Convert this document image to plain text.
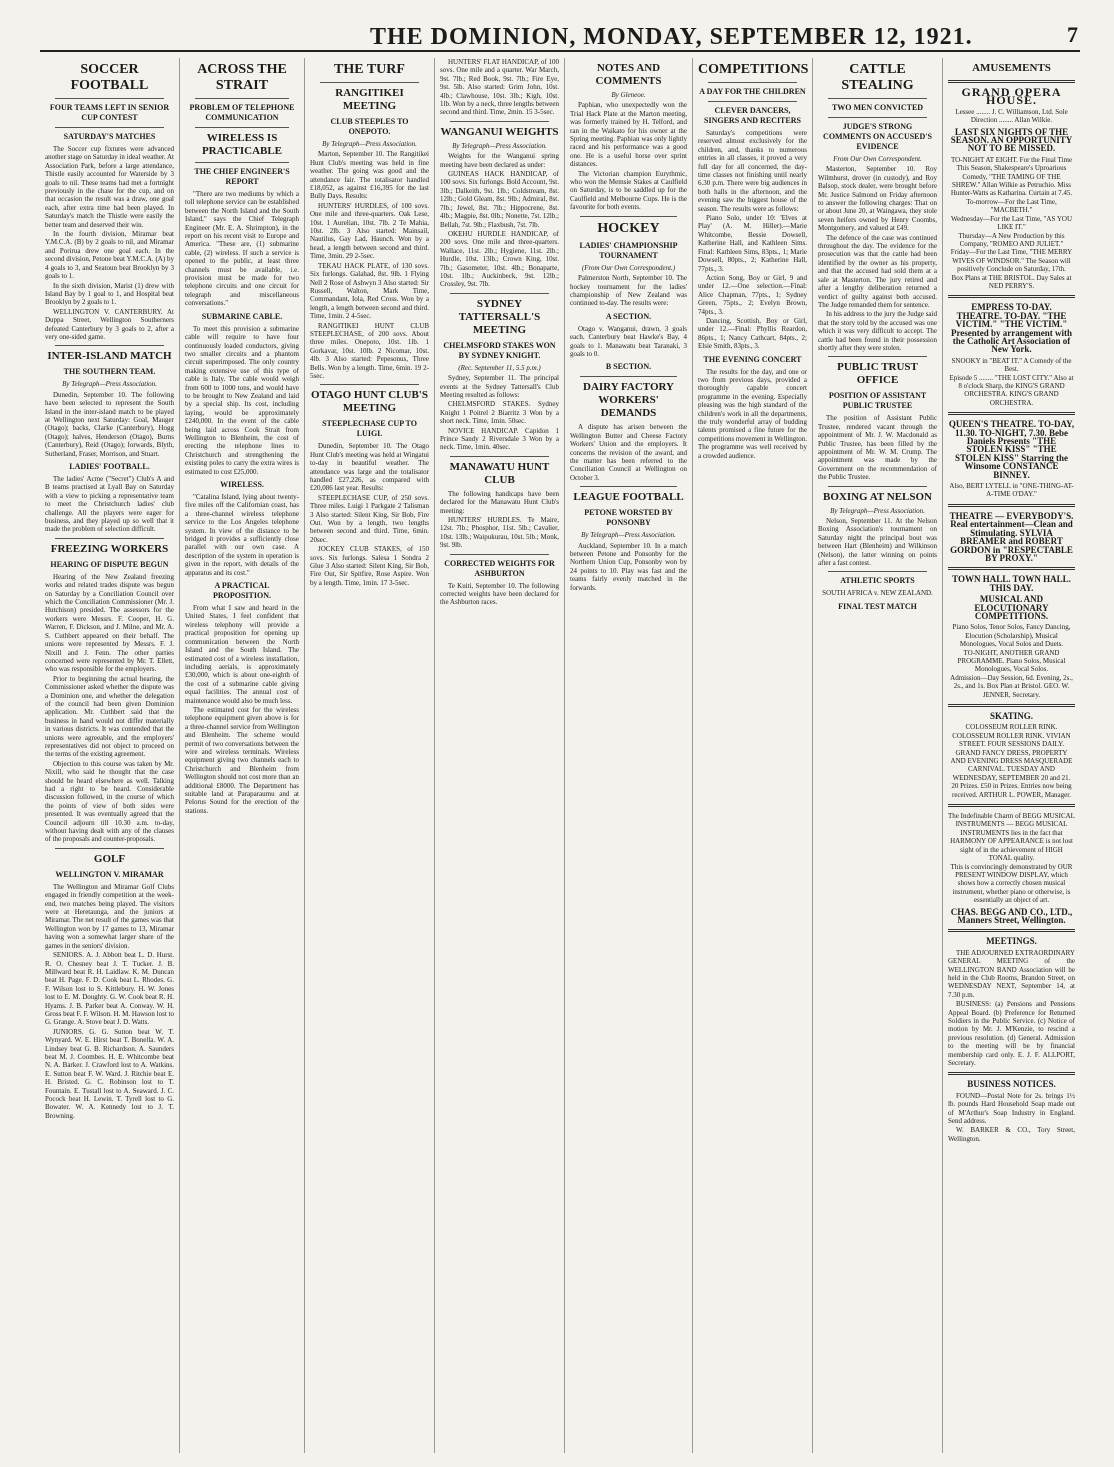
THE DOMINION, MONDAY, SEPTEMBER 12, 1921.	7
SOCCER FOOTBALL
FOUR TEAMS LEFT IN SENIOR CUP CONTEST
SATURDAY'S MATCHES
The Soccer cup fixtures were advanced another stage on Saturday in ideal weather. At Association Park, before a large attendance, Thistle easily accounted for Waterside by 3 goals to nil. These teams had met a fortnight previously in the chase for the cup, and on that occasion the result was a draw, one goal each, after extra time had been played. In Saturday's match the Thistle were easily the better team and deserved their win.
In the fourth division, Miramar beat Y.M.C.A. (B) by 2 goals to nil, and Miramar and Porirua drew one goal each. In the second division, Petone beat Y.M.C.A. (A) by 4 goals to 3, and Seatoun beat Brooklyn by 3 goals to 1.
In the sixth division, Marist (1) drew with Island Bay by 1 goal to 1, and Hospital beat Brooklyn by 2 goals to 1.
WELLINGTON V. CANTERBURY. At Duppa Street, Wellington Southerners defeated Canterbury by 3 goals to 2, after a very one-sided game.
INTER-ISLAND MATCH
THE SOUTHERN TEAM.
By Telegraph—Press Association.
Dunedin, September 10. The following have been selected to represent the South Island in the inter-island match to be played at Wellington next Saturday: Goal, Mauger (Otago); backs, Clarke (Canterbury), Hogg (Otago); halves, Henderson (Otago), Burns (Canterbury), Reid (Otago); forwards, Blyth, Sutherland, Fraser, Morrison, and Stuart.
LADIES' FOOTBALL.
The ladies' Acme ("Secret") Club's A and B teams practised at Lyall Bay on Saturday with a view to picking a representative team to meet the Christchurch ladies' club challenge. All the players were eager for business, and they played up so well that it made the problem of selection difficult.
FREEZING WORKERS
HEARING OF DISPUTE BEGUN
Hearing of the New Zealand freezing works and related trades dispute was begun on Saturday by a Conciliation Council over which the Conciliation Commissioner (Mr. J. Hutchison) presided. The assessors for the workers were Messrs. F. Cooper, H. G. Warren, F. Dickson, and J. Milne, and Mr. A. S. Cuthbert appeared on their behalf. The unions were represented by Messrs. F. J. Nixill and J. Fenn. The other parties concerned were represented by Mr. T. Ellett, who was responsible for the employers.
Prior to beginning the actual hearing, the Commissioner asked whether the dispute was a Dominion one, and whether the delegation of the council had been given Dominion application. Mr. Cuthbert said that the business in hand would not differ materially in various districts. It was contended that the unions were agreeable, and the employers' representatives did not object to proceed on the terms of the existing agreement.
Objection to this course was taken by Mr. Nixill, who said he thought that the case should be heard elsewhere as well. Talking had a right to be heard. Considerable discussion followed, in the course of which the points of view of both sides were presented. It was eventually agreed that the Council adjourn till 10.30 a.m. to-day, without having dealt with any of the clauses of the proposals and counter-proposals.
GOLF
WELLINGTON V. MIRAMAR
The Wellington and Miramar Golf Clubs engaged in friendly competition at the week-end, two matches being played. The visitors were at Heretaunga, and the juniors at Miramar. The net result of the games was that Wellington won by 17 games to 13, Miramar having won a somewhat larger share of the games in the seniors' division.
SENIORS. A. J. Abbott beat L. D. Hurst. R. O. Chesney beat J. T. Tucker. J. B. Millward beat R. H. Laidlaw. K. M. Duncan beat H. Page. F. D. Cook beat L. Rhodes. G. F. Wilson lost to S. Kittlebury. H. W. Jones lost to E. M. Doughty. G. W. Cook beat R. H. Hyams. J. B. Parker beat A. Conway. W. H. Gross beat F. F. Wilson. H. M. Hawson lost to G. Grange. A. Stove beat J. D. Watts.
JUNIORS. G. G. Sutton beat W. T. Wynyard. W. E. Hirst beat T. Bonella. W. A. Lindsey beat G. B. Richardson. A. Saunders beat M. J. Coombes. H. E. Whitcombe beat N. A. Barker. J. Crawford lost to A. Watkins. E. Sutton beat F. W. Ward. J. Ritchie beat E. H. Bristed. G. C. Robinson lost to T. Fountain. E. Tustall lost to A. Seaward. J. C. Pocock beat H. Lewin. T. Tyrell lost to G. Bowater. W. A. Kennedy lost to J. T. Browning.
ACROSS THE STRAIT
PROBLEM OF TELEPHONE COMMUNICATION
WIRELESS IS PRACTICABLE
THE CHIEF ENGINEER'S REPORT
"There are two mediums by which a toll telephone service can be established between the North Island and the South Island," says the Chief Telegraph Engineer (Mr. E. A. Shrimpton), in the report on his recent visit to Europe and America. "These are, (1) submarine cable, (2) wireless. If such a service is opened to the public, at least three channels must be available, i.e. provision must be made for two telephone circuits and one circuit for telegraph and miscellaneous conversations."
SUBMARINE CABLE.
To meet this provision a submarine cable will require to have four continuously loaded conductors, giving two smaller circuits and a phantom circuit superimposed. The only country making extensive use of this type of cable is Italy. The cable would weigh from 600 to 1000 tons, and would have to be brought to New Zealand and laid by a special ship. Its cost, including laying, would be approximately £240,000. In the event of the cable being laid across Cook Strait from Wellington to Blenheim, the cost of erecting the telephone lines to Christchurch and strengthening the existing poles to carry the extra wires is estimated to cost £25,000.
WIRELESS.
"Catalina Island, lying about twenty-five miles off the Californian coast, has a three-channel wireless telephone service to the Los Angeles telephone system. In view of the distance to be bridged it provides a sufficiently close parallel with our own case. A description of the system in operation is given in the report, with details of the apparatus and its cost."
A PRACTICAL PROPOSITION.
From what I saw and heard in the United States, I feel confident that wireless telephony will provide a practical proposition for opening up communication between the North Island and the South Island. The estimated cost of a wireless installation, including aerials, is approximately £30,000, which is about one-eighth of the cost of a submarine cable giving equal facilities. The annual cost of maintenance would also be much less.
The estimated cost for the wireless telephone equipment given above is for a three-channel service from Wellington and Blenheim. The scheme would permit of two conversations between the wire and wireless terminals. Wireless equipment giving two channels each to Christchurch and Blenheim from Wellington should not cost more than an additional £8000. The Department has suitable land at Paraparaumu and at Pelorus Sound for the erection of the stations.
THE TURF
RANGITIKEI MEETING
CLUB STEEPLES TO ONEPOTO.
By Telegraph—Press Association.
Marton, September 10. The Rangitikei Hunt Club's meeting was held in fine weather. The going was good and the attendance fair. The totalisator handled £18,052, as against £16,395 for the last Bully Days. Results:
HUNTERS' HURDLES, of 100 sovs. One mile and three-quarters. Oak Lese, 10st. 1 Aurelian, 10st. 7lb. 2 Te Mahia, 10st. 2lb. 3 Also started: Mainsail, Nautilus, Gay Lad, Haunch. Won by a head, a length between second and third. Time, 3min. 29 2-5sec.
TEKAU HACK PLATE, of 130 sovs. Six furlongs. Galahad, 8st. 9lb. 1 Flying Nell 2 Rose of Ashwyn 3 Also started: Sir Russell, Walton, Mark Time, Commandant, Iola, Red Cross. Won by a length, a length between second and third. Time, 1min. 2 4-5sec.
RANGITIKEI HUNT CLUB STEEPLECHASE, of 200 sovs. About three miles. Onepoto, 10st. 1lb. 1 Gorkavar, 10st. 10lb. 2 Nicomar, 10st. 4lb. 3 Also started: Pepesonus, Three Bells. Won by a length. Time, 6min. 19 2-5sec.
OTAGO HUNT CLUB'S MEETING
STEEPLECHASE CUP TO LUIGI.
Dunedin, September 10. The Otago Hunt Club's meeting was held at Wingatui to-day in beautiful weather. The attendance was large and the totalisator handled £27,226, as compared with £20,086 last year. Results:
STEEPLECHASE CUP, of 250 sovs. Three miles. Luigi 1 Parkgate 2 Talisman 3 Also started: Silent King, Sir Bob, Fire Out. Won by a length, two lengths between second and third. Time, 6min. 20sec.
JOCKEY CLUB STAKES, of 150 sovs. Six furlongs. Salesa 1 Sondra 2 Glue 3 Also started: Silent King, Sir Bob, Fire Out, Sir Spitfire, Rose Aspire. Won by a length. Time, 1min. 17 3-5sec.
HUNTERS' FLAT HANDICAP, of 100 sovs. One mile and a quarter. War March, 9st. 7lb.; Red Book, 9st. 7lb.; Fire Eye, 9st. 5lb. Also started: Grim John, 10st. 4lb.; Clawhouse, 10st. 3lb.; Kigh, 10st. 1lb. Won by a neck, three lengths between second and third. Time, 2min. 15 3-5sec.
WANGANUI WEIGHTS
By Telegraph—Press Association.
Weights for the Wanganui spring meeting have been declared as under:
GUINEAS HACK HANDICAP, of 100 sovs. Six furlongs. Bold Account, 9st. 3lb.; Dalkeith, 9st. 1lb.; Coldstream, 8st. 12lb.; Gold Gleam, 8st. 9lb.; Admiral, 8st. 7lb.; Jewel, 8st. 7lb.; Hippocrene, 8st. 4lb.; Magpie, 8st. 0lb.; Nonette, 7st. 12lb.; Bellah, 7st. 9lb.; Flaxbush, 7st. 7lb.
OKEHU HURDLE HANDICAP, of 200 sovs. One mile and three-quarters. Wallace, 11st. 2lb.; Hygiene, 11st. 2lb.; Hurdle, 10st. 13lb.; Crown King, 10st. 7lb.; Gasometer, 10st. 4lb.; Bonaparte, 10st. 1lb.; Auckinbeck, 9st. 12lb.; Crossley, 9st. 7lb.
SYDNEY TATTERSALL'S MEETING
CHELMSFORD STAKES WON BY SYDNEY KNIGHT.
(Rec. September 11, 5.5 p.m.)
Sydney, September 11. The principal events at the Sydney Tattersall's Club Meeting resulted as follows:
CHELMSFORD STAKES. Sydney Knight 1 Poitrel 2 Biarritz 3 Won by a short neck. Time, 1min. 50sec.
NOVICE HANDICAP. Capidon 1 Prince Sandy 2 Riversdale 3 Won by a neck. Time, 1min. 40sec.
MANAWATU HUNT CLUB
The following handicaps have been declared for the Manawatu Hunt Club's meeting:
HUNTERS' HURDLES. Te Maire, 12st. 7lb.; Phosphor, 11st. 5lb.; Cavalier, 10st. 13lb.; Waipukurau, 10st. 5lb.; Monk, 9st. 9lb.
CORRECTED WEIGHTS FOR ASHBURTON
Te Kuiti, September 10. The following corrected weights have been declared for the Ashburton races.
NOTES AND COMMENTS
By Gleneoe.
Paphian, who unexpectedly won the Trial Hack Plate at the Marton meeting, was formerly trained by H. Telford, and ran in the Waikato for his owner at the Spring meeting. Paphian was only lightly raced and his performance was a good one. He is a useful horse over sprint distances.
The Victorian champion Eurythmic, who won the Memsie Stakes at Caulfield on Saturday, is to be saddled up for the Caulfield and Melbourne Cups. He is the favourite for both events.
HOCKEY
LADIES' CHAMPIONSHIP TOURNAMENT
(From Our Own Correspondent.)
Palmerston North, September 10. The hockey tournament for the ladies' championship of New Zealand was continued to-day. The results were:
A SECTION.
Otago v. Wanganui, drawn, 3 goals each. Canterbury beat Hawke's Bay, 4 goals to 1. Manawatu beat Taranaki, 3 goals to 0.
B SECTION.
DAIRY FACTORY WORKERS' DEMANDS
A dispute has arisen between the Wellington Butter and Cheese Factory Workers' Union and the employers. It concerns the revision of the award, and the matter has been referred to the Conciliation Council at Wellington on October 3.
LEAGUE FOOTBALL
PETONE WORSTED BY PONSONBY
By Telegraph—Press Association.
Auckland, September 10. In a match between Petone and Ponsonby for the Northern Union Cup, Ponsonby won by 24 points to 10. Play was fast and the teams fairly evenly matched in the forwards.
COMPETITIONS
A DAY FOR THE CHILDREN
CLEVER DANCERS, SINGERS AND RECITERS
Saturday's competitions were reserved almost exclusively for the children, and, thanks to numerous entries in all classes, it proved a very full day for all concerned, the day-time classes not finishing until nearly 6.30 p.m. There were big audiences in both halls in the afternoon, and the evening saw the biggest house of the season. The results were as follows:
Piano Solo, under 10: 'Elves at Play' (A. M. Hiller).—Marie Whitcombe, Bessie Dowsell, Katherine Hall, and Kathleen Sims. Final: Kathleen Sims, 83pts., 1; Marie Dowsell, 80pts., 2; Katherine Hall, 77pts., 3.
Action Song, Boy or Girl, 9 and under 12.—One selection.—Final: Alice Chapman, 77pts., 1; Sydney Green, 75pts., 2; Evelyn Brown, 74pts., 3.
Dancing, Scottish, Boy or Girl, under 12.—Final: Phyllis Reardon, 86pts., 1; Nancy Cathcart, 84pts., 2; Elsie Smith, 83pts., 3.
THE EVENING CONCERT
The results for the day, and one or two from previous days, provided a thoroughly capable concert programme in the evening. Especially pleasing was the high standard of the children's work in all the departments, the truly wonderful array of budding talents promised a fine future for the competitions movement in Wellington. The programme was well received by a crowded audience.
CATTLE STEALING
TWO MEN CONVICTED
JUDGE'S STRONG COMMENTS ON ACCUSED'S EVIDENCE
From Our Own Correspondent.
Masterton, September 10. Roy Wilmhurst, drover (in custody), and Roy Balsop, stock dealer, were brought before Mr. Justice Salmond on Friday afternoon to answer the following charges: That on or about June 20, at Waingawa, they stole seven heifers owned by Henry Coombs, Montgomery, and valued at £49.
The defence of the case was continued throughout the day. The evidence for the prosecution was that the cattle had been identified by the owner as his property, and that the accused had sold them at a sale at Masterton. The jury retired and after a lengthy deliberation returned a verdict of guilty against both accused. The Judge remanded them for sentence.
In his address to the jury the Judge said that the story told by the accused was one which it was very difficult to accept. The cattle had been found in their possession shortly after they were stolen.
PUBLIC TRUST OFFICE
POSITION OF ASSISTANT PUBLIC TRUSTEE
The position of Assistant Public Trustee, rendered vacant through the appointment of Mr. J. W. Macdonald as Public Trustee, has been filled by the appointment of Mr. W. M. Crump. The appointment was made by the Government on the recommendation of the Public Trustee.
BOXING AT NELSON
By Telegraph—Press Association.
Nelson, September 11. At the Nelson Boxing Association's tournament on Saturday night the principal bout was between Hart (Blenheim) and Wilkinson (Nelson), the latter winning on points after a fast contest.
ATHLETIC SPORTS
SOUTH AFRICA v. NEW ZEALAND.
FINAL TEST MATCH
AMUSEMENTS
GRAND OPERA HOUSE.
Lessee ........ J. C. Williamson, Ltd. Sole Direction ........ Allan Wilkie.
LAST SIX NIGHTS OF THE SEASON. AN OPPORTUNITY NOT TO BE MISSED.
TO-NIGHT AT EIGHT. For the Final Time This Season, Shakespeare's Uproarious Comedy, "THE TAMING OF THE SHREW." Allan Wilkie as Petruchio. Miss Hunter-Watts as Katharina. Curtain at 7.45.
To-morrow—For the Last Time, "MACBETH."
Wednesday—For the Last Time, "AS YOU LIKE IT."
Thursday—A New Production by this Company, "ROMEO AND JULIET."
Friday—For the Last Time, "THE MERRY WIVES OF WINDSOR." The Season will positively Conclude on Saturday, 17th.
Box Plans at THE BRISTOL. Day Sales at NED PERRY'S.
EMPRESS TO-DAY. THEATRE. TO-DAY. "THE VICTIM." "THE VICTIM." Presented by arrangement with the Catholic Art Association of New York.
SNOOKY in "BEAT IT." A Comedy of the Best.
Episode 5 ........ "THE LOST CITY." Also at 8 o'clock Sharp, the KING'S GRAND ORCHESTRA. KING'S GRAND ORCHESTRA.
QUEEN'S THEATRE. TO-DAY, 11.30. TO-NIGHT, 7.30. Bebe Daniels Presents "THE STOLEN KISS" "THE STOLEN KISS" Starring the Winsome CONSTANCE BINNEY.
Also, BERT LYTELL in "ONE-THING-AT-A-TIME O'DAY."
THEATRE — EVERYBODY'S. Real entertainment—Clean and Stimulating. SYLVIA BREAMER and ROBERT GORDON in "RESPECTABLE BY PROXY."
TOWN HALL. TOWN HALL. THIS DAY.
MUSICAL AND ELOCUTIONARY COMPETITIONS.
Piano Solos, Tenor Solos, Fancy Dancing, Elocution (Scholarship), Musical Monologues, Vocal Solos and Duets.
TO-NIGHT, ANOTHER GRAND PROGRAMME. Piano Solos, Musical Monologues, Vocal Solos.
Admission—Day Session, 6d. Evening, 2s., 2s., and 1s. Box Plan at Bristol. GEO. W. JENNER, Secretary.
SKATING.
COLOSSEUM ROLLER RINK. COLOSSEUM ROLLER RINK. VIVIAN STREET. FOUR SESSIONS DAILY. GRAND FANCY DRESS, PROPERTY AND EVENING DRESS MASQUERADE CARNIVAL. TUESDAY AND WEDNESDAY, SEPTEMBER 20 and 21.
20 Prizes. £50 in Prizes. Entries now being received. ARTHUR L. POWER, Manager.
The Indefinable Charm of BEGG MUSICAL INSTRUMENTS — BEGG MUSICAL INSTRUMENTS lies in the fact that HARMONY OF APPEARANCE is not lost sight of in the achievement of HIGH TONAL quality.
This is convincingly demonstrated by OUR PRESENT WINDOW DISPLAY, which shows how a correctly chosen musical instrument, whether piano or otherwise, is essentially an object of art.
CHAS. BEGG AND CO., LTD., Manners Street, Wellington.
MEETINGS.
THE ADJOURNED EXTRAORDINARY GENERAL MEETING of the WELLINGTON BAND Association will be held in the Club Rooms, Brandon Street, on WEDNESDAY NEXT, September 14, at 7.30 p.m.
BUSINESS: (a) Pensions and Pensions Appeal Board. (b) Preference for Returned Soldiers in the Public Service. (c) Notice of motion by Mr. J. M'Kenzie, to rescind a previous resolution. (d) General. Admission to the meeting will be by financial membership card only. E. J. F. ALLPORT, Secretary.
BUSINESS NOTICES.
FOUND—Postal Note for 2s. brings 1½ lb. pounds Hard Household Soap made out of M'Arthur's Soap Industry in England. Send address.
W. BARKER & CO., Tory Street, Wellington.
